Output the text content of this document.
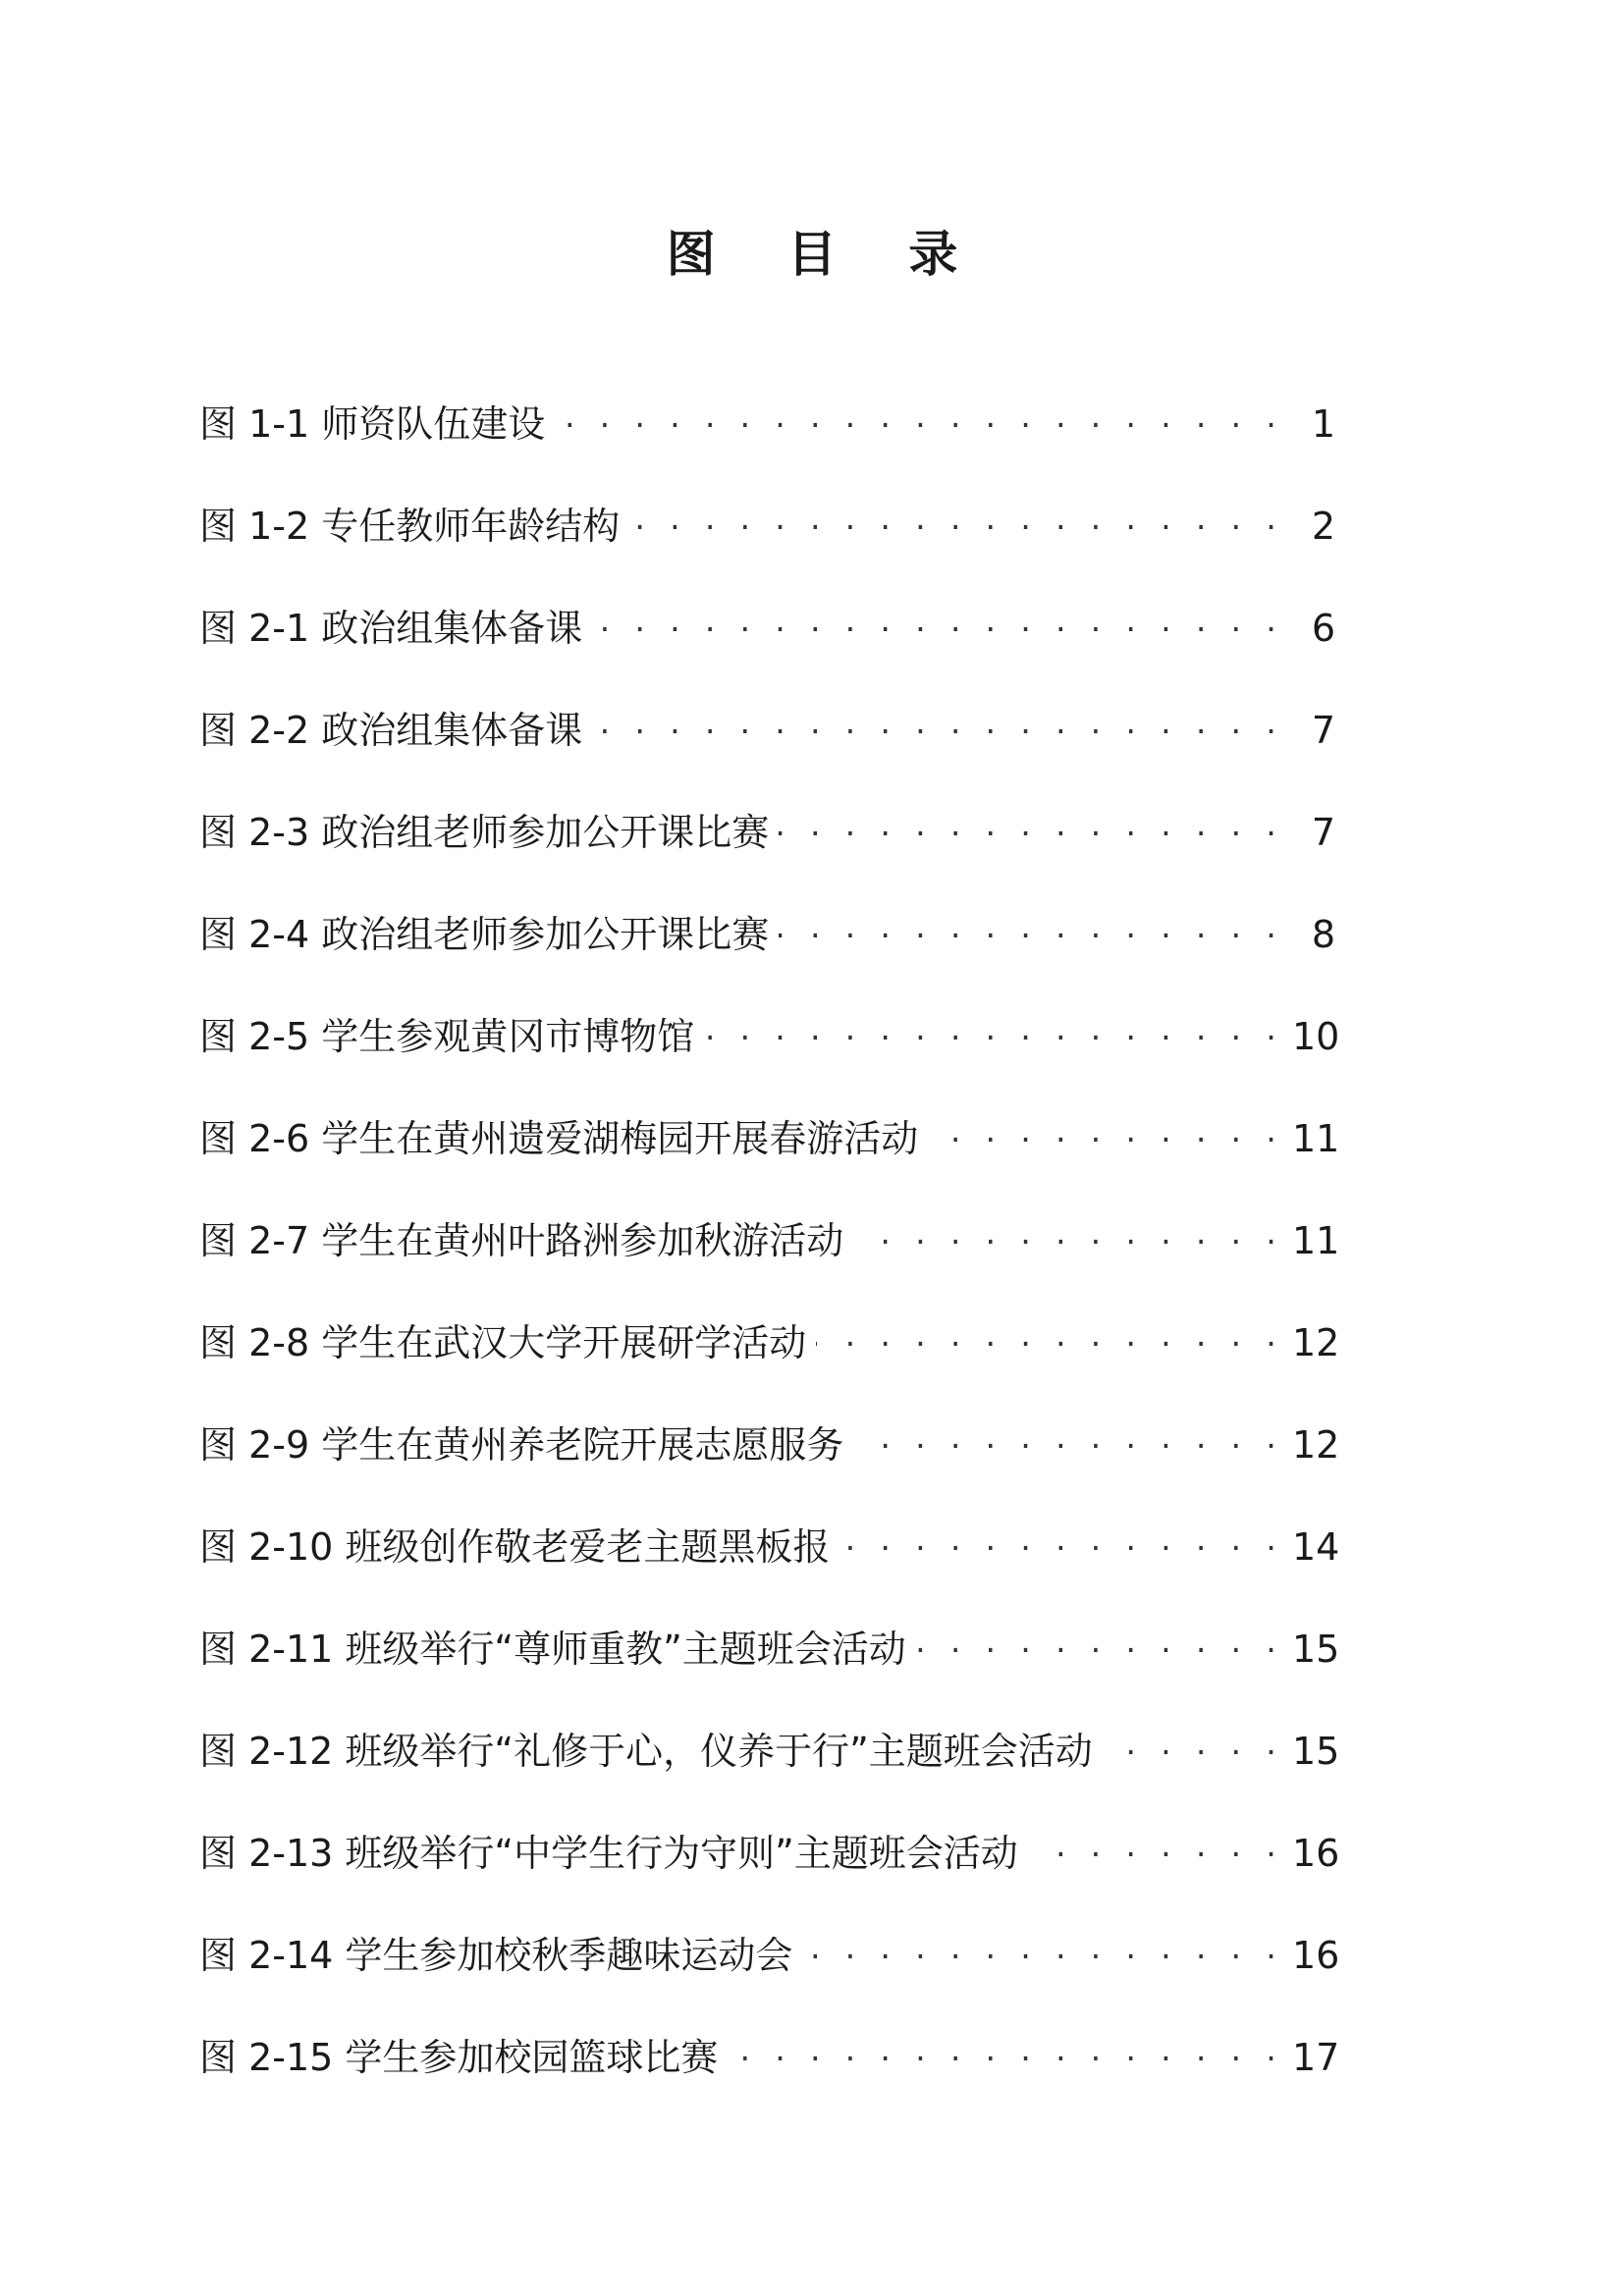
图 目 录
图 1-1 师资队伍建设 . . .	1
图 1-2 专任教师年龄结构 . . .	2
图 2-1 政治组集体备课 . . .	6
图 2-2 政治组集体备课 . . .	7
图 2-3 政治组老师参加公开课比赛 . . .	7
图 2-4 政治组老师参加公开课比赛 . . .	8
图 2-5 学生参观黄冈市博物馆 . . .	10
图 2-6 学生在黄州遗爱湖梅园开展春游活动 . . .	11
图 2-7 学生在黄州叶路洲参加秋游活动 . . .	11
图 2-8 学生在武汉大学开展研学活动 . . .	12
图 2-9 学生在黄州养老院开展志愿服务 . . .	12
图 2-10 班级创作敬老爱老主题黑板报 . . .	14
图 2-11 班级举行“尊师重教”主题班会活动 . . .	15
图 2-12 班级举行“礼修于心，仪养于行”主题班会活动 . . .	15
图 2-13 班级举行“中学生行为守则”主题班会活动 . . .	16
图 2-14 学生参加校秋季趣味运动会 . . .	16
图 2-15 学生参加校园篮球比赛 . . .	17
